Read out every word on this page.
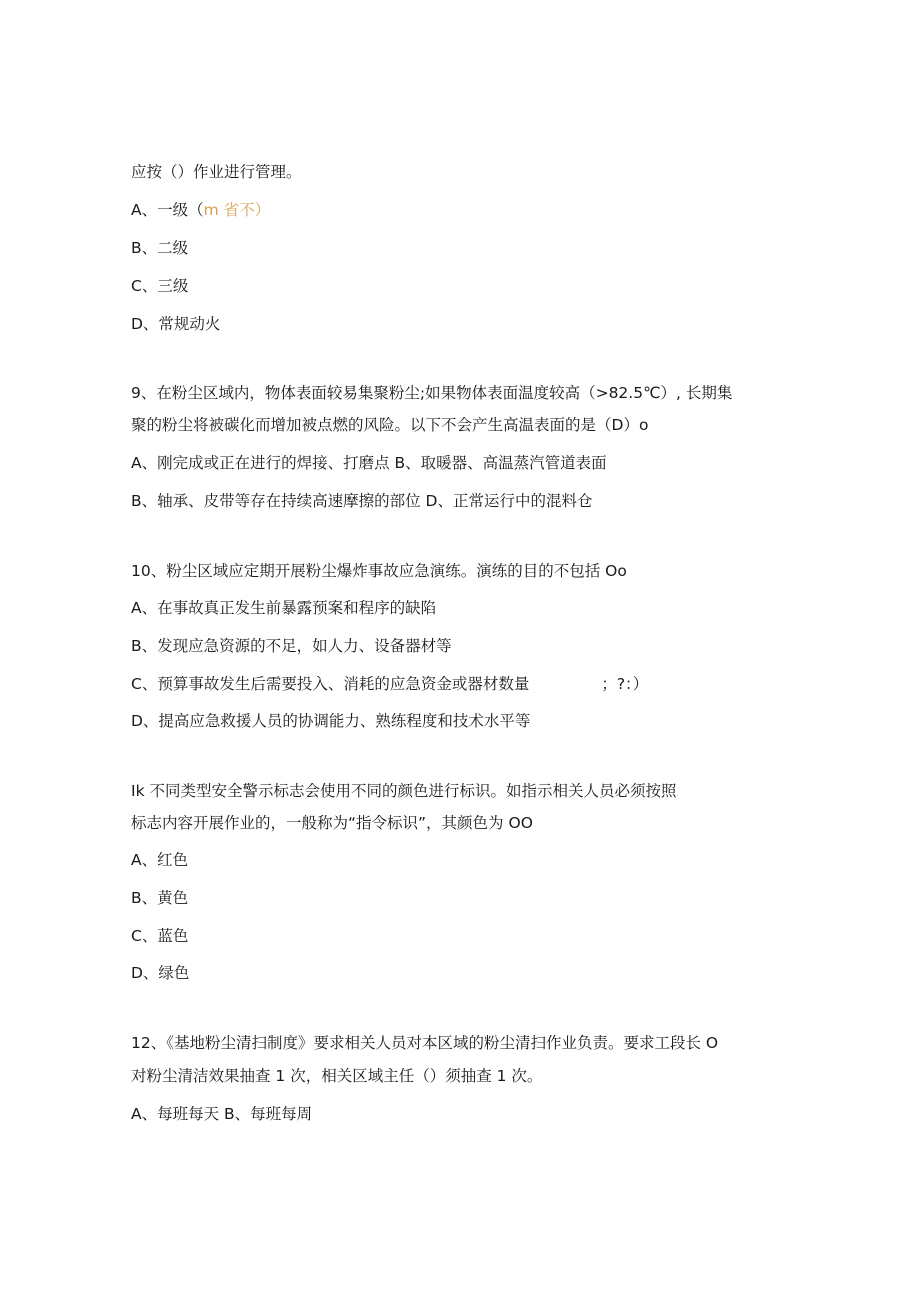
应按（）作业进行管理。
A、一级（m 省不）
B、二级
C、三级
D、常规动火
9、在粉尘区域内，物体表面较易集聚粉尘;如果物体表面温度较高（>82.5℃）, 长期集
聚的粉尘将被碳化而增加被点燃的风险。以下不会产生高温表面的是（D）o
A、刚完成或正在进行的焊接、打磨点 B、取暖器、高温蒸汽管道表面
B、轴承、皮带等存在持续高速摩擦的部位 D、正常运行中的混料仓
10、粉尘区域应定期开展粉尘爆炸事故应急演练。演练的目的不包括 Oo
A、在事故真正发生前暴露预案和程序的缺陷
B、发现应急资源的不足，如人力、设备器材等
C、预算事故发生后需要投入、消耗的应急资金或器材数量	；?：）
D、提高应急救援人员的协调能力、熟练程度和技术水平等
Ik 不同类型安全警示标志会使用不同的颜色进行标识。如指示相关人员必须按照
标志内容开展作业的，一般称为“指令标识”，其颜色为 OO
A、红色
B、黄色
C、蓝色
D、绿色
12、《基地粉尘清扫制度》要求相关人员对本区域的粉尘清扫作业负责。要求工段长 O
对粉尘清洁效果抽查 1 次，相关区域主任（）须抽查 1 次。
A、每班每天 B、每班每周
